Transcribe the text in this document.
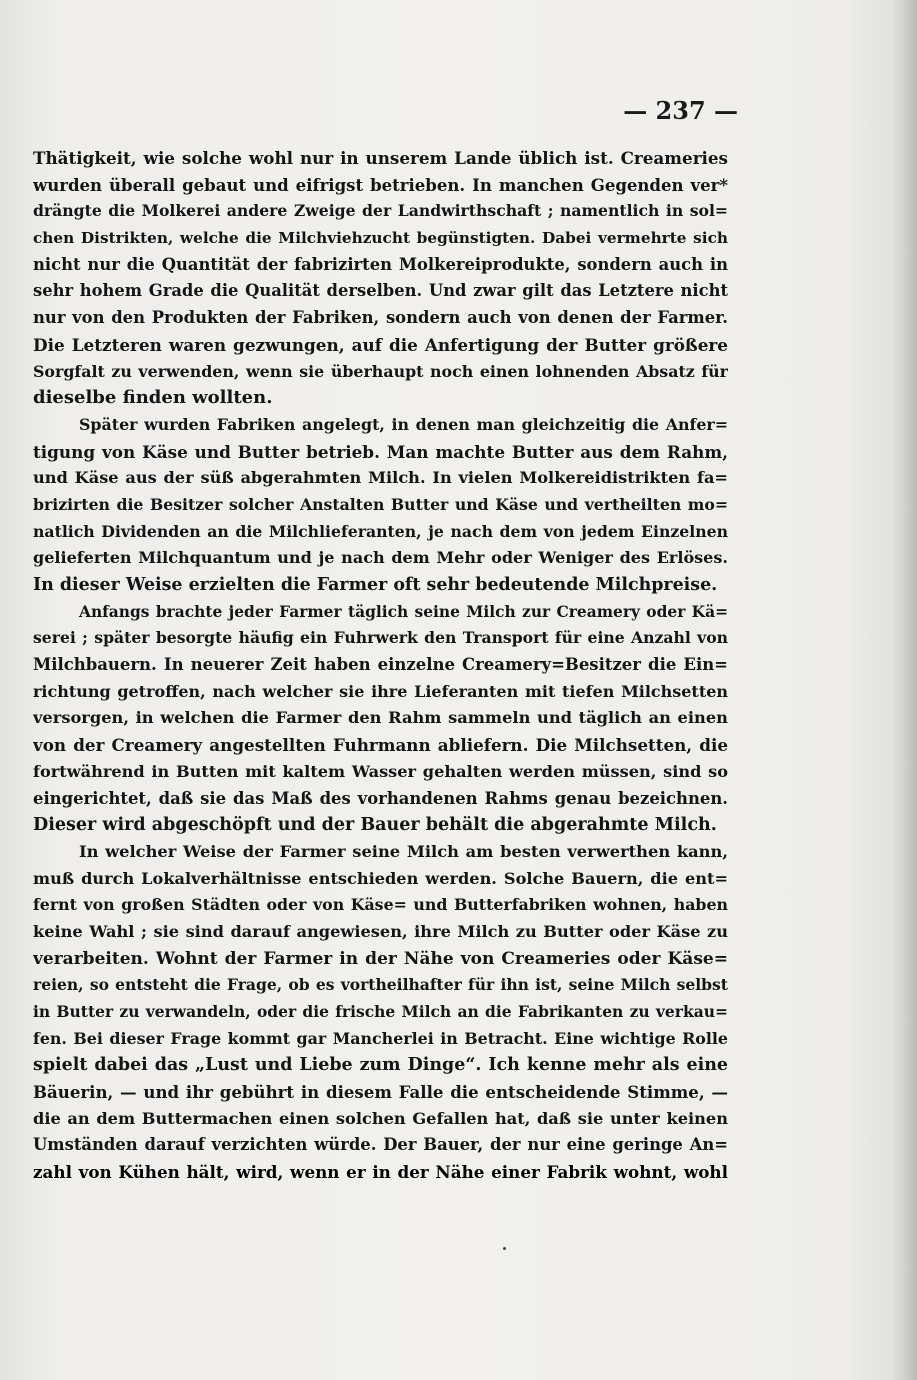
— 237 —
Thätigkeit, wie solche wohl nur in unserem Lande üblich ist. Creameries
wurden überall gebaut und eifrigst betrieben. In manchen Gegenden ver*
drängte die Molkerei andere Zweige der Landwirthschaft ; namentlich in sol=
chen Distrikten, welche die Milchviehzucht begünstigten. Dabei vermehrte sich
nicht nur die Quantität der fabrizirten Molkereiprodukte, sondern auch in
sehr hohem Grade die Qualität derselben. Und zwar gilt das Letztere nicht
nur von den Produkten der Fabriken, sondern auch von denen der Farmer.
Die Letzteren waren gezwungen, auf die Anfertigung der Butter größere
Sorgfalt zu verwenden, wenn sie überhaupt noch einen lohnenden Absatz für
dieselbe finden wollten.
Später wurden Fabriken angelegt, in denen man gleichzeitig die Anfer=
tigung von Käse und Butter betrieb. Man machte Butter aus dem Rahm,
und Käse aus der süß abgerahmten Milch. In vielen Molkereidistrikten fa=
brizirten die Besitzer solcher Anstalten Butter und Käse und vertheilten mo=
natlich Dividenden an die Milchlieferanten, je nach dem von jedem Einzelnen
gelieferten Milchquantum und je nach dem Mehr oder Weniger des Erlöses.
In dieser Weise erzielten die Farmer oft sehr bedeutende Milchpreise.
Anfangs brachte jeder Farmer täglich seine Milch zur Creamery oder Kä=
serei ; später besorgte häufig ein Fuhrwerk den Transport für eine Anzahl von
Milchbauern. In neuerer Zeit haben einzelne Creamery=Besitzer die Ein=
richtung getroffen, nach welcher sie ihre Lieferanten mit tiefen Milchsetten
versorgen, in welchen die Farmer den Rahm sammeln und täglich an einen
von der Creamery angestellten Fuhrmann abliefern. Die Milchsetten, die
fortwährend in Butten mit kaltem Wasser gehalten werden müssen, sind so
eingerichtet, daß sie das Maß des vorhandenen Rahms genau bezeichnen.
Dieser wird abgeschöpft und der Bauer behält die abgerahmte Milch.
In welcher Weise der Farmer seine Milch am besten verwerthen kann,
muß durch Lokalverhältnisse entschieden werden. Solche Bauern, die ent=
fernt von großen Städten oder von Käse= und Butterfabriken wohnen, haben
keine Wahl ; sie sind darauf angewiesen, ihre Milch zu Butter oder Käse zu
verarbeiten. Wohnt der Farmer in der Nähe von Creameries oder Käse=
reien, so entsteht die Frage, ob es vortheilhafter für ihn ist, seine Milch selbst
in Butter zu verwandeln, oder die frische Milch an die Fabrikanten zu verkau=
fen. Bei dieser Frage kommt gar Mancherlei in Betracht. Eine wichtige Rolle
spielt dabei das „Lust und Liebe zum Dinge“. Ich kenne mehr als eine
Bäuerin, — und ihr gebührt in diesem Falle die entscheidende Stimme, —
die an dem Buttermachen einen solchen Gefallen hat, daß sie unter keinen
Umständen darauf verzichten würde. Der Bauer, der nur eine geringe An=
zahl von Kühen hält, wird, wenn er in der Nähe einer Fabrik wohnt, wohl
